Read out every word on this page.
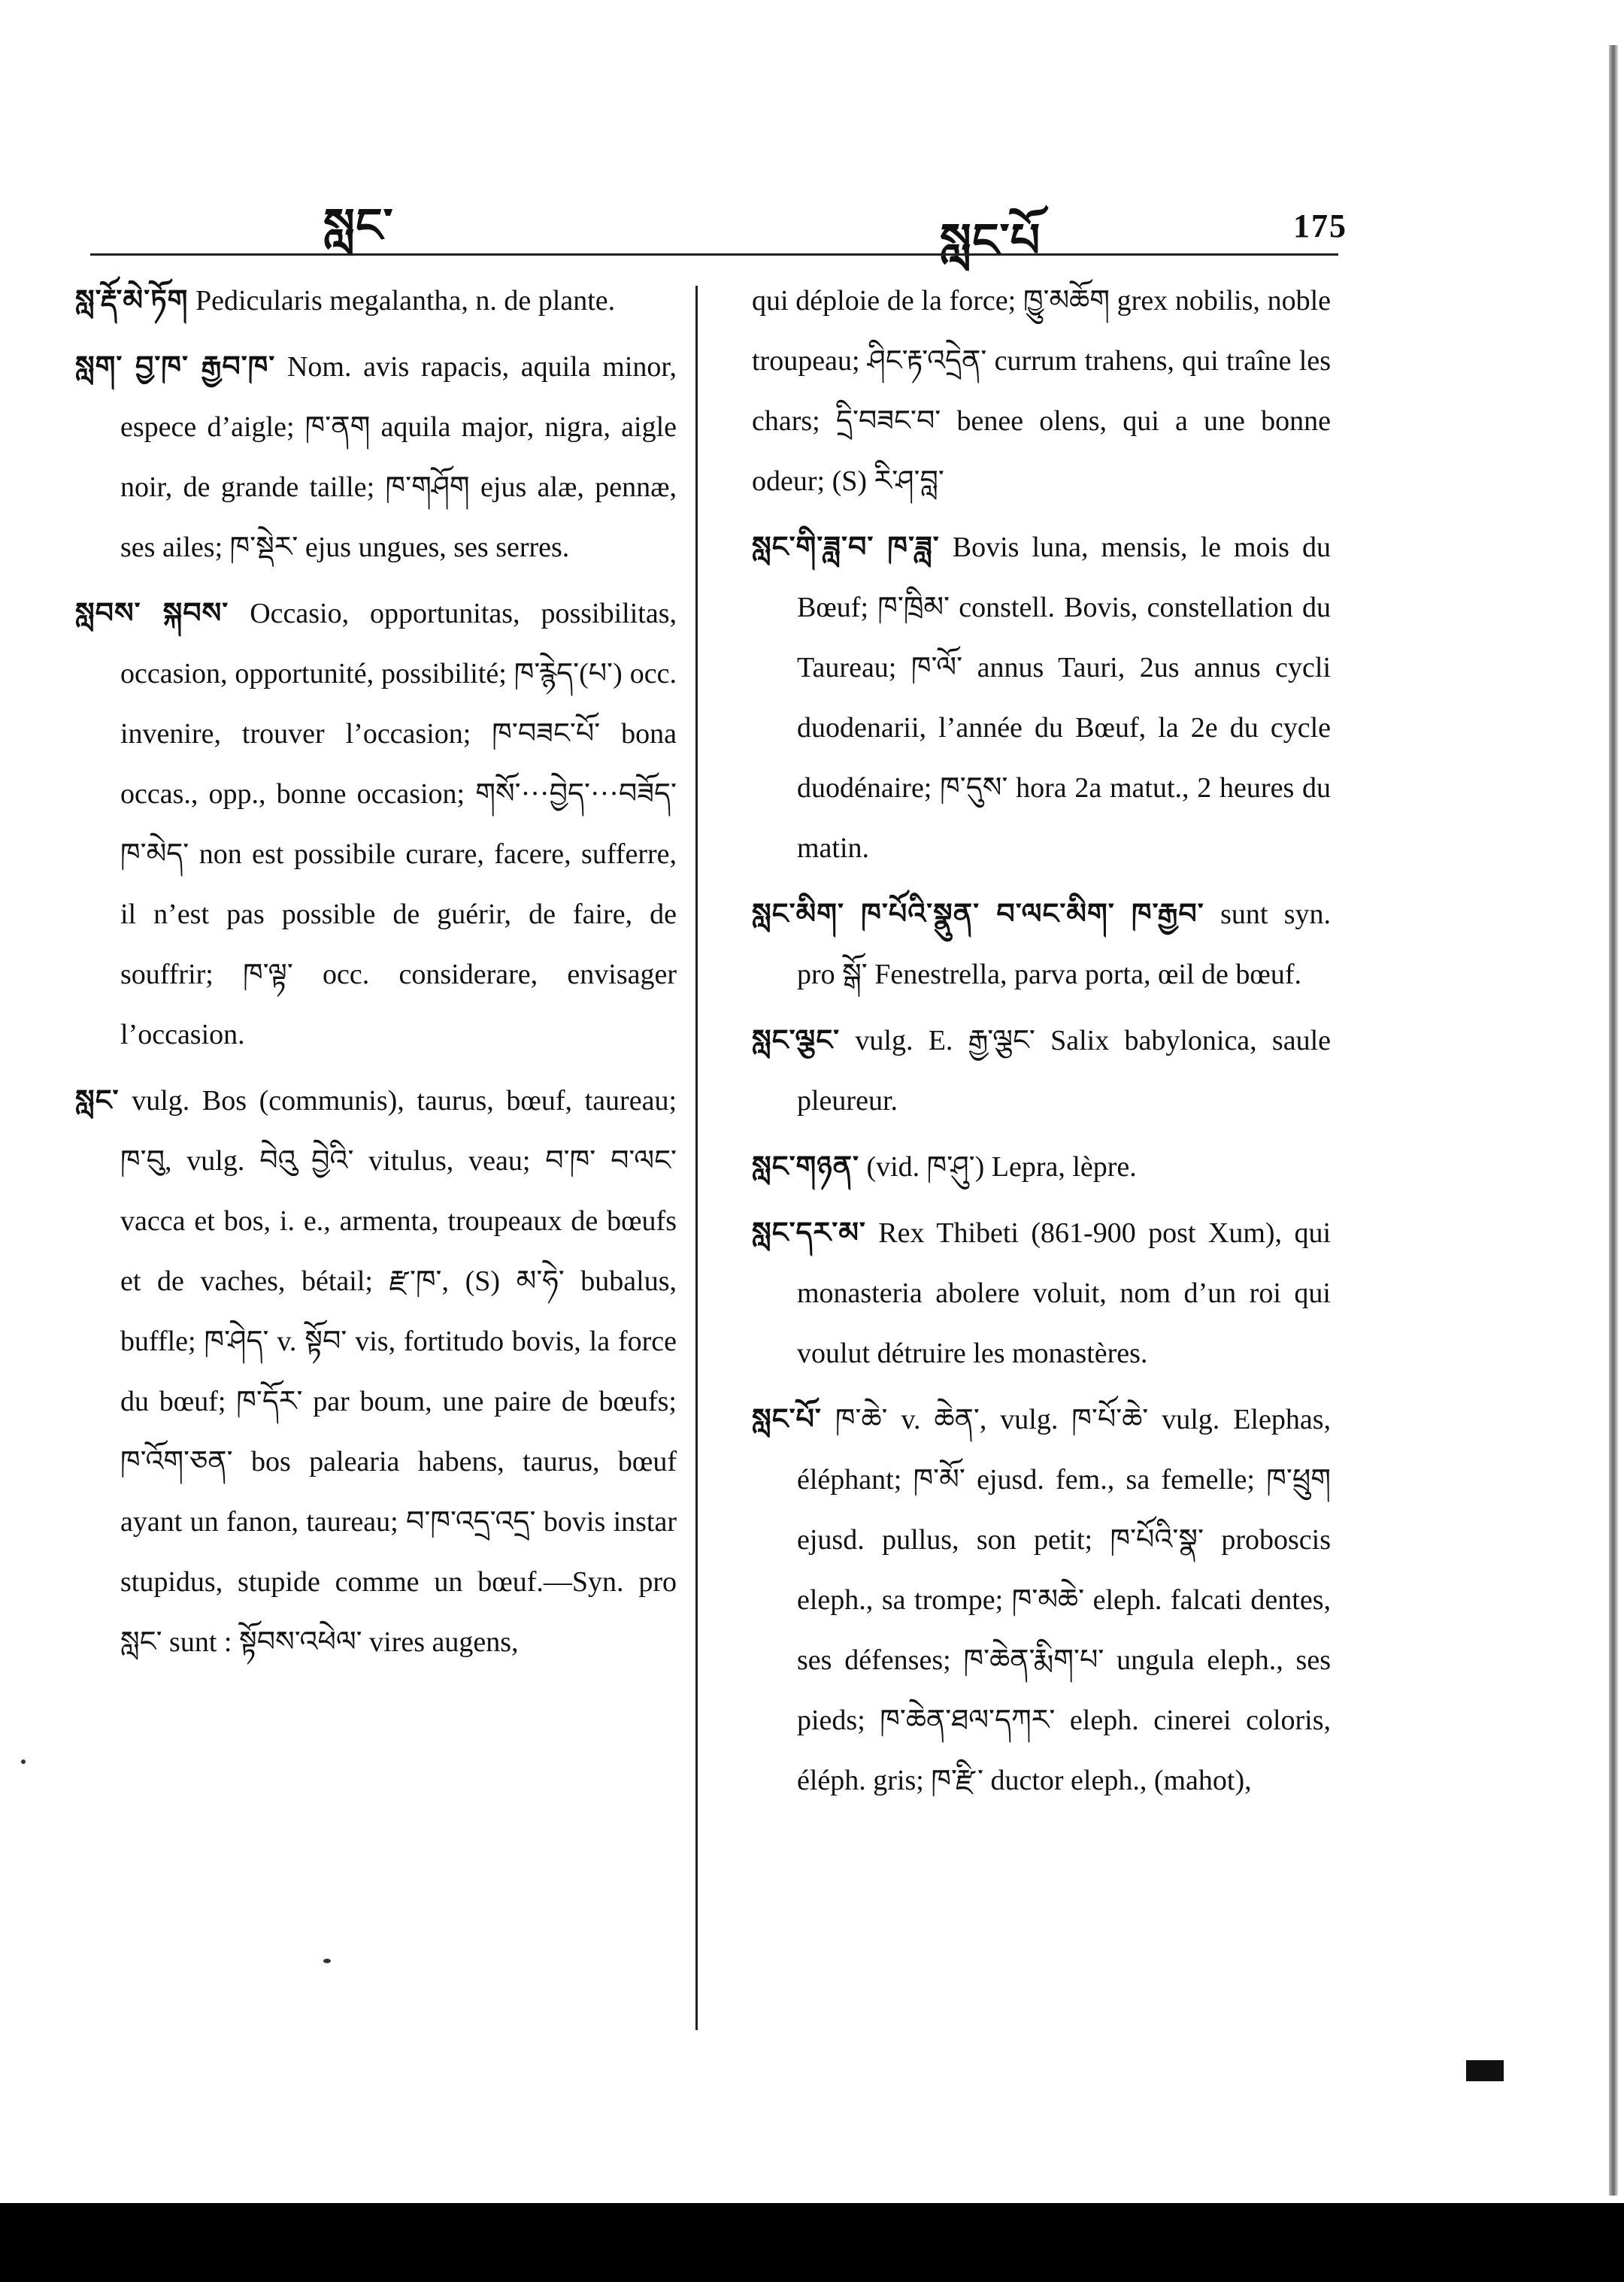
སླང་	སླང་པོ	175

སླ་རྡོ་མེ་ཏོག Pedicularis megalantha, n. de plante.

སླག་ བྱ་ཁ་ རྒྱབ་ཁ་ Nom. avis rapacis, aquila minor, espece d’aigle; ཁ་ནག aquila major, nigra, aigle noir, de grande taille; ཁ་གཤོག ejus alæ, pennæ, ses ailes; ཁ་སྡེར་ ejus ungues, ses serres.

སླབས་ སྐབས་ Occasio, opportunitas, possibilitas, occasion, opportunité, possibilité; ཁ་རྙེད་(པ་) occ. invenire, trouver l’occasion; ཁ་བཟང་པོ་ bona occas., opp., bonne occasion; གསོ་···བྱེད་···བཟོད་ཁ་མེད་ non est possibile curare, facere, sufferre, il n’est pas possible de guérir, de faire, de souffrir; ཁ་ལྟ་ occ. considerare, envisager l’occasion.

སླང་ vulg. Bos (communis), taurus, bœuf, taureau; ཁ་བུ, vulg. བེའུ བྱེའི་ vitulus, veau; བ་ཁ་ བ་ལང་ vacca et bos, i. e., armenta, troupeaux de bœufs et de vaches, bétail; རྫ་ཁ་, (S) མ་ཧེ་ bubalus, buffle; ཁ་ཤེད་ v. སྟོབ་ vis, fortitudo bovis, la force du bœuf; ཁ་དོར་ par boum, une paire de bœufs; ཁ་འོག་ཅན་ bos palearia habens, taurus, bœuf ayant un fanon, taureau; བ་ཁ་འདྲ་འདྲ་ bovis instar stupidus, stupide comme un bœuf.—Syn. pro སླང་ sunt : སྟོབས་འཕེལ་ vires augens,

qui déploie de la force; ཁྱུ་མཆོག grex nobilis, noble troupeau; ཤིང་རྟ་འདྲེན་ currum trahens, qui traîne les chars; དྲི་བཟང་བ་ benee olens, qui a une bonne odeur; (S) རི་ཤ་བླ་

སླང་གི་ཟླ་བ་ ཁ་ཟླ་ Bovis luna, mensis, le mois du Bœuf; ཁ་ཁྲིམ་ constell. Bovis, constellation du Taureau; ཁ་ལོ་ annus Tauri, 2us annus cycli duodenarii, l’année du Bœuf, la 2e du cycle duodénaire; ཁ་དུས་ hora 2a matut., 2 heures du matin.

སླང་མིག་ ཁ་པོའི་སྣུན་ བ་ལང་མིག་ ཁ་རྒྱབ་ sunt syn. pro སྒོ་ Fenestrella, parva porta, œil de bœuf.

སླང་ལྕང་ vulg. E. རྒྱ་ལྕང་ Salix babylonica, saule pleureur.

སླང་གཉན་ (vid. ཁ་ཤུ་) Lepra, lèpre.

སླང་དར་མ་ Rex Thibeti (861-900 post Xum), qui monasteria abolere voluit, nom d’un roi qui voulut détruire les monastères.

སླང་པོ་ ཁ་ཆེ་ v. ཆེན་, vulg. ཁ་པོ་ཆེ་ vulg. Elephas, éléphant; ཁ་མོ་ ejusd. fem., sa femelle; ཁ་ཕྲུག ejusd. pullus, son petit; ཁ་པོའི་སྣ་ proboscis eleph., sa trompe; ཁ་མཆེ་ eleph. falcati dentes, ses défenses; ཁ་ཆེན་རྨིག་པ་ ungula eleph., ses pieds; ཁ་ཆེན་ཐལ་དཀར་ eleph. cinerei coloris, éléph. gris; ཁ་རྫི་ ductor eleph., (mahot),
